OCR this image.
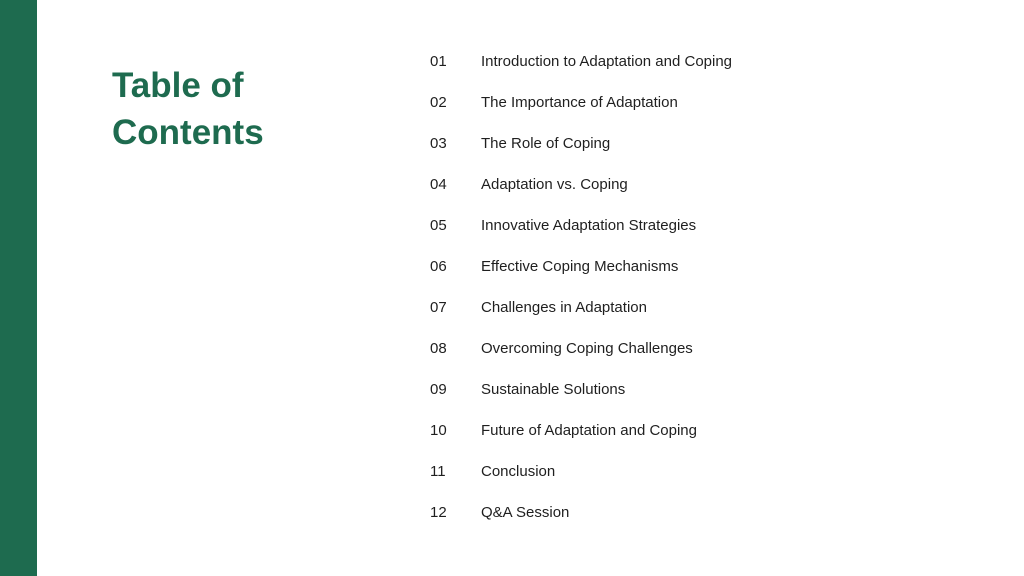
Table of
Contents
01	Introduction to Adaptation and Coping
02	The Importance of Adaptation
03	The Role of Coping
04	Adaptation vs. Coping
05	Innovative Adaptation Strategies
06	Effective Coping Mechanisms
07	Challenges in Adaptation
08	Overcoming Coping Challenges
09	Sustainable Solutions
10	Future of Adaptation and Coping
11	Conclusion
12	Q&A Session
